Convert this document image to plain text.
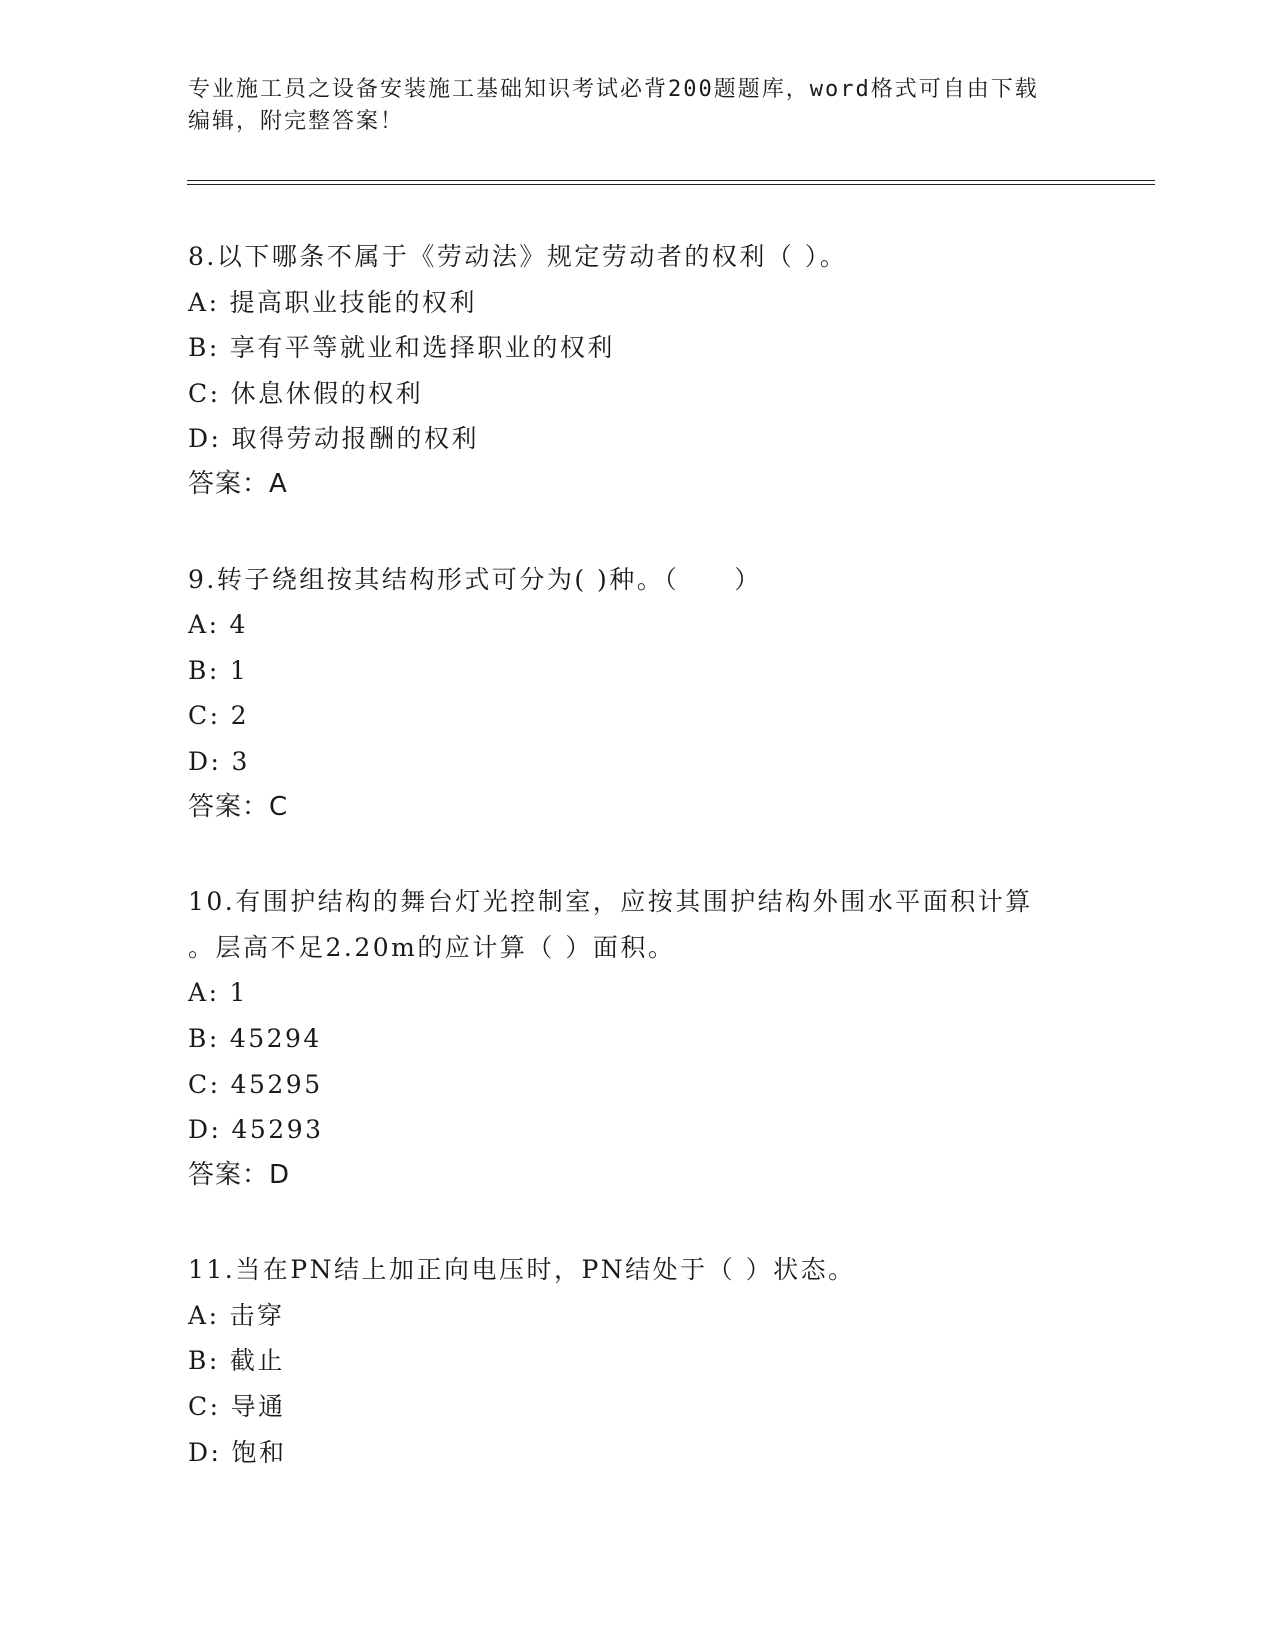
专业施工员之设备安装施工基础知识考试必背200题题库，word格式可自由下载
编辑，附完整答案！
8.以下哪条不属于《劳动法》规定劳动者的权利（ ）。
A: 提高职业技能的权利
B: 享有平等就业和选择职业的权利
C: 休息休假的权利
D: 取得劳动报酬的权利
答案：A
9.转子绕组按其结构形式可分为( )种。（　　）
A: 4
B: 1
C: 2
D: 3
答案：C
10.有围护结构的舞台灯光控制室，应按其围护结构外围水平面积计算
。层高不足2.20m的应计算（ ）面积。
A: 1
B: 45294
C: 45295
D: 45293
答案：D
11.当在PN结上加正向电压时，PN结处于（ ）状态。
A: 击穿
B: 截止
C: 导通
D: 饱和
